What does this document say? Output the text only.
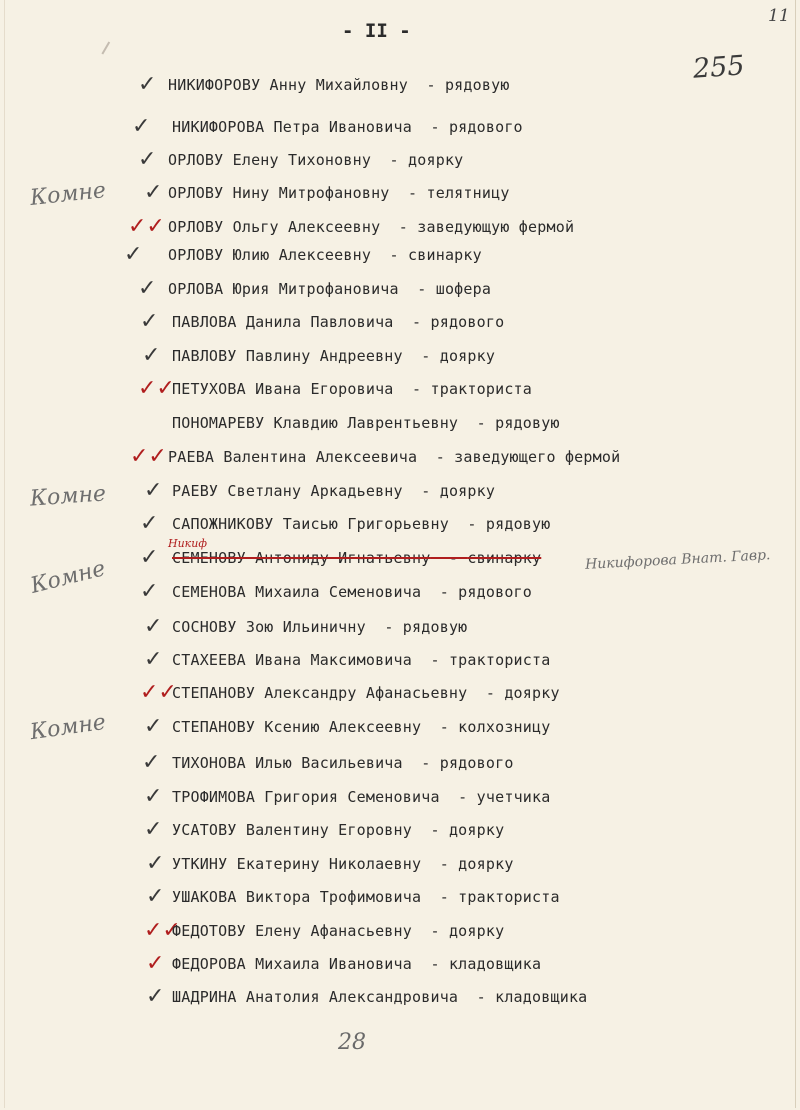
- II -
11
255
Комне
Комне
Комне
Комне
Никиф
Никифорова Внат. Гавр.
✓ НИКИФОРОВУ Анну Михайловну  - рядовую
✓ НИКИФОРОВА Петра Ивановича  - рядового
✓ ОРЛОВУ Елену Тихоновну  - доярку
✓ ОРЛОВУ Нину Митрофановну  - телятницу
✓✓ ОРЛОВУ Ольгу Алексеевну  - заведующую фермой
✓ ОРЛОВУ Юлию Алексеевну  - свинарку
✓ ОРЛОВА Юрия Митрофановича  - шофера
✓ ПАВЛОВА Данила Павловича  - рядового
✓ ПАВЛОВУ Павлину Андреевну  - доярку
✓✓
ПЕТУХОВА Ивана Егоровича  - тракториста
ПОНОМАРЕВУ Клавдию Лаврентьевну  - рядовую
✓✓ РАЕВА Валентина Алексеевича  - заведующего фермой
✓ РАЕВУ Светлану Аркадьевну  - доярку
✓ САПОЖНИКОВУ Таисью Григорьевну  - рядовую
✓ СЕМЕНОВУ Антониду Игнатьевну  - свинарку
✓ СЕМЕНОВА Михаила Семеновича  - рядового
✓ СОСНОВУ Зою Ильиничну  - рядовую
✓ СТАХЕЕВА Ивана Максимовича  - тракториста
✓✓
СТЕПАНОВУ Александру Афанасьевну  - доярку
✓ СТЕПАНОВУ Ксению Алексеевну  - колхозницу
✓ ТИХОНОВА Илью Васильевича  - рядового
✓ ТРОФИМОВА Григория Семеновича  - учетчика
✓ УСАТОВУ Валентину Егоровну  - доярку
✓ УТКИНУ Екатерину Николаевну  - доярку
✓ УШАКОВА Виктора Трофимовича  - тракториста
✓✓
ФЕДОТОВУ Елену Афанасьевну  - доярку
✓ ФЕДОРОВА Михаила Ивановича  - кладовщика
✓ ШАДРИНА Анатолия Александровича  - кладовщика
28
